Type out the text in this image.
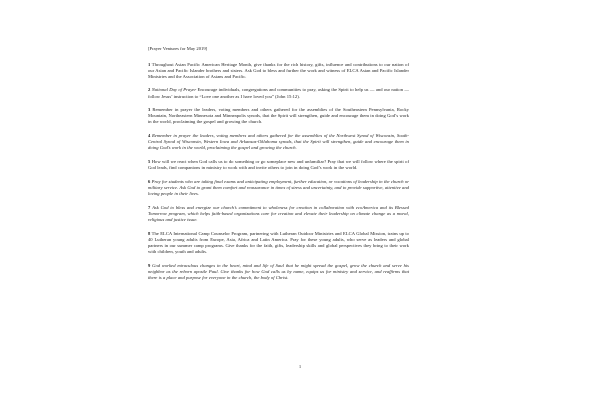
[Prayer Ventures for May 2019]

1 Throughout Asian Pacific American Heritage Month, give thanks for the rich history, gifts, influence and contributions to our nation of our Asian and Pacific Islander brothers and sisters. Ask God to bless and further the work and witness of ELCA Asian and Pacific Islander Ministries and the Association of Asians and Pacific.

2 National Day of Prayer Encourage individuals, congregations and communities to pray, asking the Spirit to help us — and our nation — follow Jesus’ instruction to “Love one another as I have loved you” (John 15:12).

3 Remember in prayer the leaders, voting members and others gathered for the assemblies of the Southeastern Pennsylvania, Rocky Mountain, Northeastern Minnesota and Minneapolis synods, that the Spirit will strengthen, guide and encourage them in doing God’s work in the world, proclaiming the gospel and growing the church.

4 Remember in prayer the leaders, voting members and others gathered for the assemblies of the Northwest Synod of Wisconsin, South-Central Synod of Wisconsin, Western Iowa and Arkansas-Oklahoma synods, that the Spirit will strengthen, guide and encourage them in doing God’s work in the world, proclaiming the gospel and growing the church.

5 How will we react when God calls us to do something or go someplace new and unfamiliar? Pray that we will follow where the spirit of God leads, find companions in ministry to work with and invite others to join in doing God’s work in the world.

6 Pray for students who are taking final exams and anticipating employment, further education, or vocations of leadership in the church or military service. Ask God to grant them comfort and reassurance in times of stress and uncertainty, and to provide supportive, attentive and loving people in their lives.

7 Ask God to bless and energize our church’s commitment to wholeness for creation in collaboration with ecoAmerica and its Blessed Tomorrow program, which helps faith-based organizations care for creation and elevate their leadership on climate change as a moral, religious and justice issue.

8 The ELCA International Camp Counselor Program, partnering with Lutheran Outdoor Ministries and ELCA Global Mission, trains up to 40 Lutheran young adults from Europe, Asia, Africa and Latin America. Pray for these young adults, who serve as leaders and global partners in our summer camp programs. Give thanks for the faith, gifts, leadership skills and global perspectives they bring to their work with children, youth and adults.

9 God worked miraculous changes in the heart, mind and life of Saul that he might spread the gospel, grow the church and serve his neighbor as the reborn apostle Paul. Give thanks for how God calls us by name, equips us for ministry and service, and reaffirms that there is a place and purpose for everyone in the church, the body of Christ.

1
